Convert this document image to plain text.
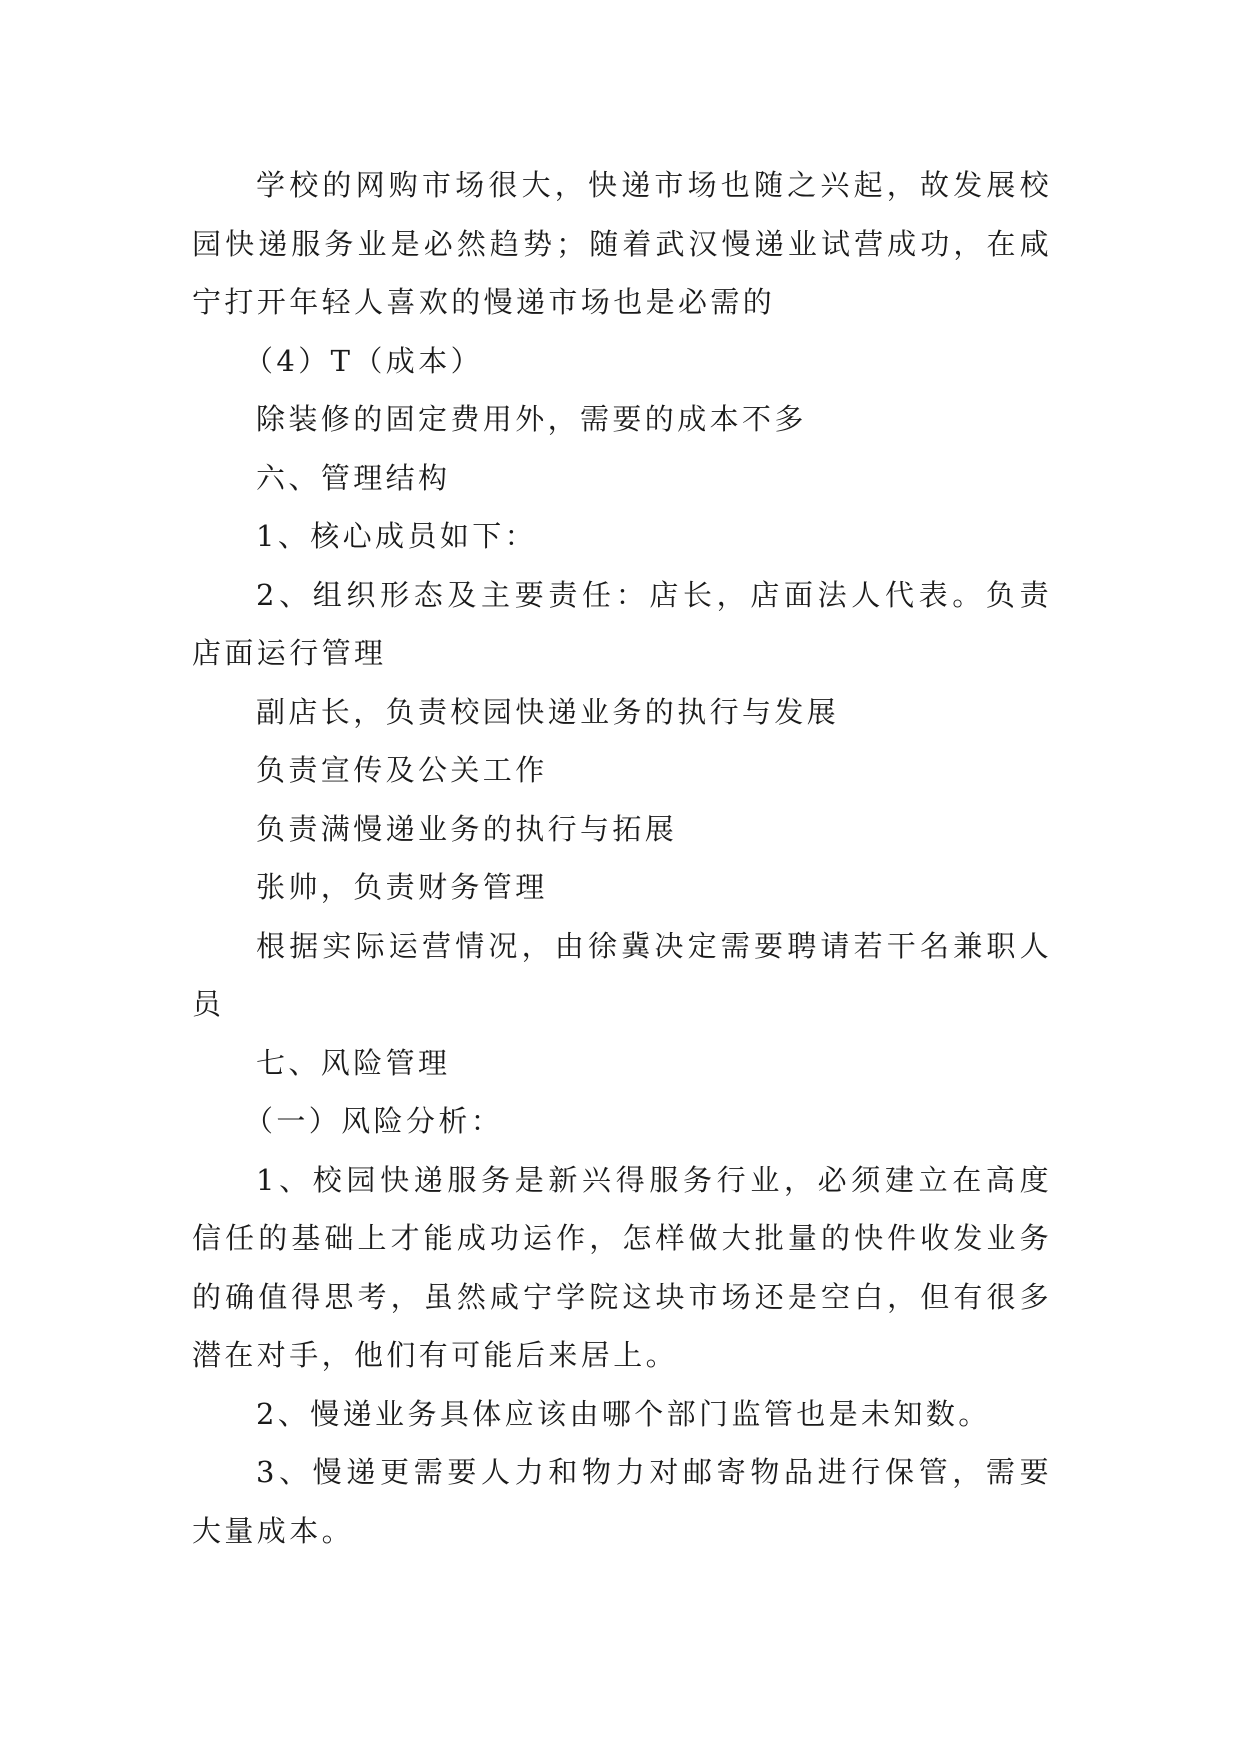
学校的网购市场很大，快递市场也随之兴起，故发展校园快递服务业是必然趋势；随着武汉慢递业试营成功，在咸宁打开年轻人喜欢的慢递市场也是必需的

（4）T（成本）

除装修的固定费用外，需要的成本不多

六、管理结构

1、核心成员如下：

2、组织形态及主要责任：店长，店面法人代表。负责店面运行管理

副店长，负责校园快递业务的执行与发展

负责宣传及公关工作

负责满慢递业务的执行与拓展

张帅，负责财务管理

根据实际运营情况，由徐冀决定需要聘请若干名兼职人员

七、风险管理

（一）风险分析：

1、校园快递服务是新兴得服务行业，必须建立在高度信任的基础上才能成功运作，怎样做大批量的快件收发业务的确值得思考，虽然咸宁学院这块市场还是空白，但有很多潜在对手，他们有可能后来居上。

2、慢递业务具体应该由哪个部门监管也是未知数。

3、慢递更需要人力和物力对邮寄物品进行保管，需要大量成本。
